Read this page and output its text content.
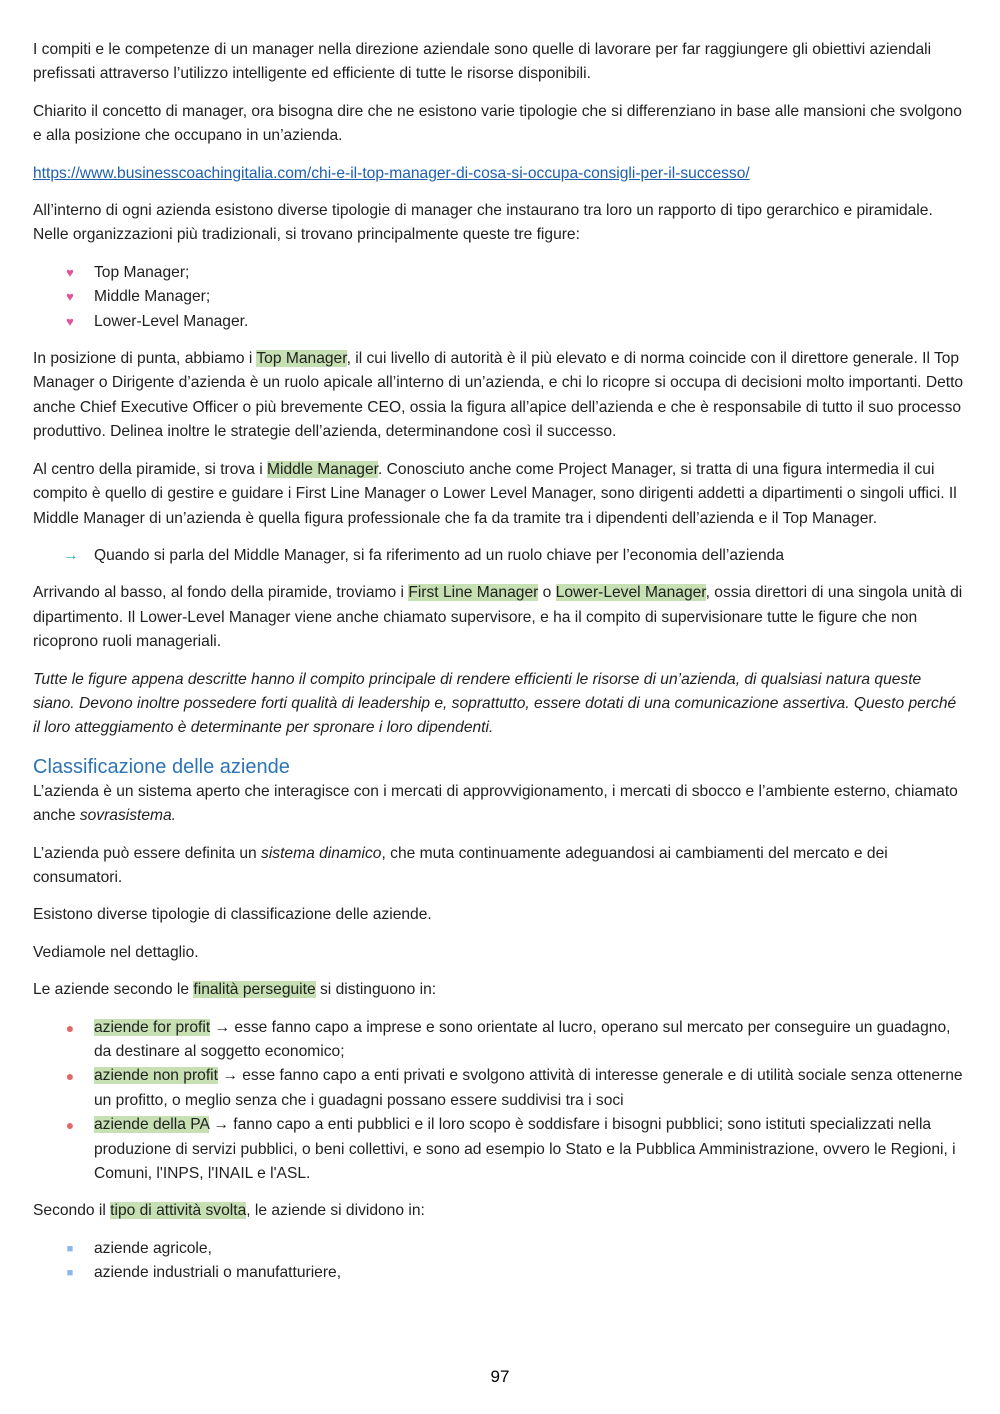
I compiti e le competenze di un manager nella direzione aziendale sono quelle di lavorare per far raggiungere gli obiettivi aziendali prefissati attraverso l’utilizzo intelligente ed efficiente di tutte le risorse disponibili.

Chiarito il concetto di manager, ora bisogna dire che ne esistono varie tipologie che si differenziano in base alle mansioni che svolgono e alla posizione che occupano in un’azienda.

https://www.businesscoachingitalia.com/chi-e-il-top-manager-di-cosa-si-occupa-consigli-per-il-successo/

All’interno di ogni azienda esistono diverse tipologie di manager che instaurano tra loro un rapporto di tipo gerarchico e piramidale. Nelle organizzazioni più tradizionali, si trovano principalmente queste tre figure:

♥ Top Manager;
♥ Middle Manager;
♥ Lower-Level Manager.

In posizione di punta, abbiamo i Top Manager, il cui livello di autorità è il più elevato e di norma coincide con il direttore generale. Il Top Manager o Dirigente d’azienda è un ruolo apicale all’interno di un’azienda, e chi lo ricopre si occupa di decisioni molto importanti. Detto anche Chief Executive Officer o più brevemente CEO, ossia la figura all’apice dell’azienda e che è responsabile di tutto il suo processo produttivo. Delinea inoltre le strategie dell’azienda, determinandone così il successo.

Al centro della piramide, si trova i Middle Manager. Conosciuto anche come Project Manager, si tratta di una figura intermedia il cui compito è quello di gestire e guidare i First Line Manager o Lower Level Manager, sono dirigenti addetti a dipartimenti o singoli uffici. Il Middle Manager di un’azienda è quella figura professionale che fa da tramite tra i dipendenti dell’azienda e il Top Manager.

→ Quando si parla del Middle Manager, si fa riferimento ad un ruolo chiave per l’economia dell’azienda

Arrivando al basso, al fondo della piramide, troviamo i First Line Manager o Lower-Level Manager, ossia direttori di una singola unità di dipartimento. Il Lower-Level Manager viene anche chiamato supervisore, e ha il compito di supervisionare tutte le figure che non ricoprono ruoli manageriali.

Tutte le figure appena descritte hanno il compito principale di rendere efficienti le risorse di un’azienda, di qualsiasi natura queste siano. Devono inoltre possedere forti qualità di leadership e, soprattutto, essere dotati di una comunicazione assertiva. Questo perché il loro atteggiamento è determinante per spronare i loro dipendenti.

Classificazione delle aziende

L’azienda è un sistema aperto che interagisce con i mercati di approvvigionamento, i mercati di sbocco e l’ambiente esterno, chiamato anche sovrasistema.

L’azienda può essere definita un sistema dinamico, che muta continuamente adeguandosi ai cambiamenti del mercato e dei consumatori.

Esistono diverse tipologie di classificazione delle aziende.

Vediamole nel dettaglio.

Le aziende secondo le finalità perseguite si distinguono in:

● aziende for profit → esse fanno capo a imprese e sono orientate al lucro, operano sul mercato per conseguire un guadagno, da destinare al soggetto economico;
● aziende non profit → esse fanno capo a enti privati e svolgono attività di interesse generale e di utilità sociale senza ottenerne un profitto, o meglio senza che i guadagni possano essere suddivisi tra i soci
● aziende della PA → fanno capo a enti pubblici e il loro scopo è soddisfare i bisogni pubblici; sono istituti specializzati nella produzione di servizi pubblici, o beni collettivi, e sono ad esempio lo Stato e la Pubblica Amministrazione, ovvero le Regioni, i Comuni, l'INPS, l'INAIL e l'ASL.

Secondo il tipo di attività svolta, le aziende si dividono in:

■ aziende agricole,
■ aziende industriali o manufatturiere,
97
